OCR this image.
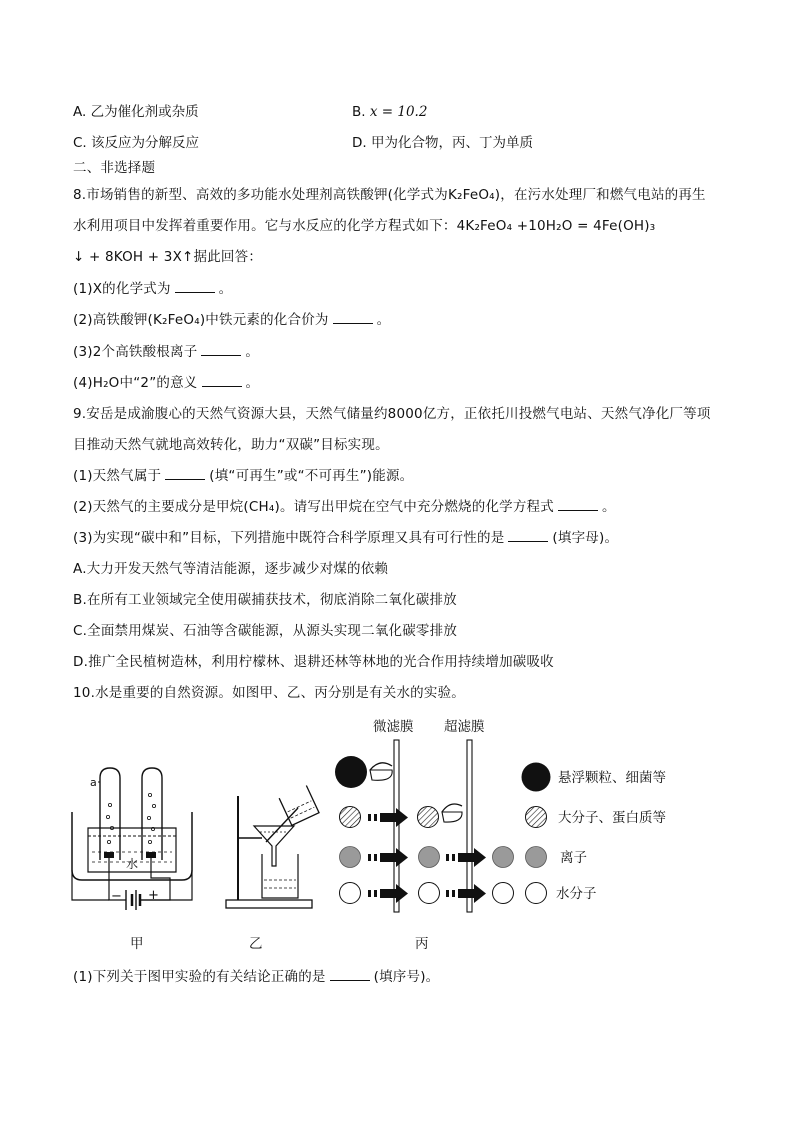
A. 乙为催化剂或杂质	B. x = 10.2
C. 该反应为分解反应	D. 甲为化合物，丙、丁为单质
二、非选择题
8.市场销售的新型、高效的多功能水处理剂高铁酸钾(化学式为K₂FeO₄)，在污水处理厂和燃气电站的再生
水利用项目中发挥着重要作用。它与水反应的化学方程式如下：4K₂FeO₄ +10H₂O = 4Fe(OH)₃
↓ + 8KOH + 3X↑据此回答：
(1)X的化学式为	。
(2)高铁酸钾(K₂FeO₄)中铁元素的化合价为	。
(3)2个高铁酸根离子	。
(4)H₂O中“2”的意义	。
9.安岳是成渝腹心的天然气资源大县，天然气储量约8000亿方，正依托川投燃气电站、天然气净化厂等项
目推动天然气就地高效转化，助力“双碳”目标实现。
(1)天然气属于	(填“可再生”或“不可再生”)能源。
(2)天然气的主要成分是甲烷(CH₄)。请写出甲烷在空气中充分燃烧的化学方程式	。
(3)为实现“碳中和”目标，下列措施中既符合科学原理又具有可行性的是	(填字母)。
A.大力开发天然气等清洁能源，逐步减少对煤的依赖
B.在所有工业领域完全使用碳捕获技术，彻底消除二氧化碳排放
C.全面禁用煤炭、石油等含碳能源，从源头实现二氧化碳零排放
D.推广全民植树造林，利用柠檬林、退耕还林等林地的光合作用持续增加碳吸收
10.水是重要的自然资源。如图甲、乙、丙分别是有关水的实验。
a
水
− +
微滤膜 超滤膜
悬浮颗粒、细菌等
大分子、蛋白质等
离子
水分子
甲	乙	丙
(1)下列关于图甲实验的有关结论正确的是	(填序号)。
